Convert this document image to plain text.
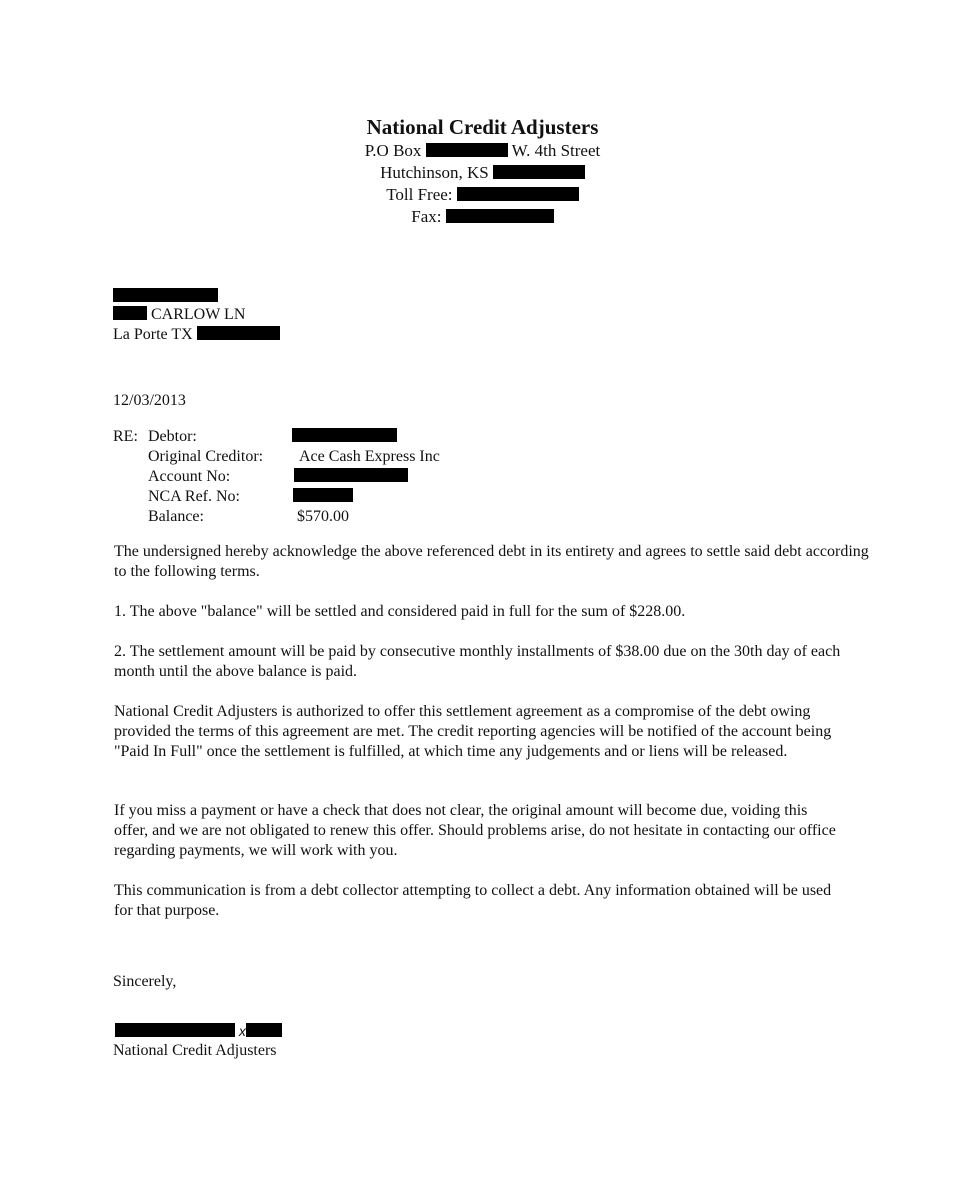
National Credit Adjusters
P.O Box	W. 4th Street
Hutchinson, KS
Toll Free:
Fax:
CARLOW LN
La Porte TX
12/03/2013
RE: Debtor:
Original Creditor: Ace Cash Express Inc
Account No:
NCA Ref. No:
Balance:	$570.00
The undersigned hereby acknowledge the above referenced debt in its entirety and agrees to settle said debt according to the following terms.
1. The above "balance" will be settled and considered paid in full for the sum of $228.00.
2. The settlement amount will be paid by consecutive monthly installments of $38.00 due on the 30th day of each month until the above balance is paid.
National Credit Adjusters is authorized to offer this settlement agreement as a compromise of the debt owing provided the terms of this agreement are met. The credit reporting agencies will be notified of the account being "Paid In Full" once the settlement is fulfilled, at which time any judgements and or liens will be released.
If you miss a payment or have a check that does not clear, the original amount will become due, voiding this offer, and we are not obligated to renew this offer. Should problems arise, do not hesitate in contacting our office regarding payments, we will work with you.
This communication is from a debt collector attempting to collect a debt. Any information obtained will be used for that purpose.
Sincerely,
x
National Credit Adjusters
